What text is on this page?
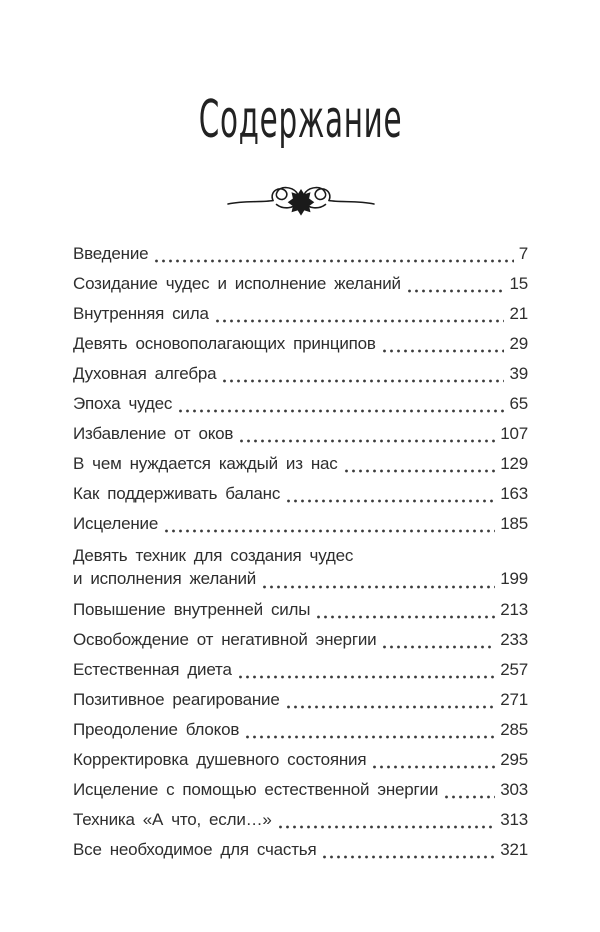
Содержание
Введение	7
Созидание чудес и исполнение желаний	15
Внутренняя сила	21
Девять основополагающих принципов	29
Духовная алгебра	39
Эпоха чудес	65
Избавление от оков	107
В чем нуждается каждый из нас	129
Как поддерживать баланс	163
Исцеление	185
Девять техник для создания чудес
и исполнения желаний	199
Повышение внутренней силы	213
Освобождение от негативной энергии	233
Естественная диета	257
Позитивное реагирование	271
Преодоление блоков	285
Корректировка душевного состояния	295
Исцеление с помощью естественной энергии	303
Техника «А что, если…»	313
Все необходимое для счастья	321
